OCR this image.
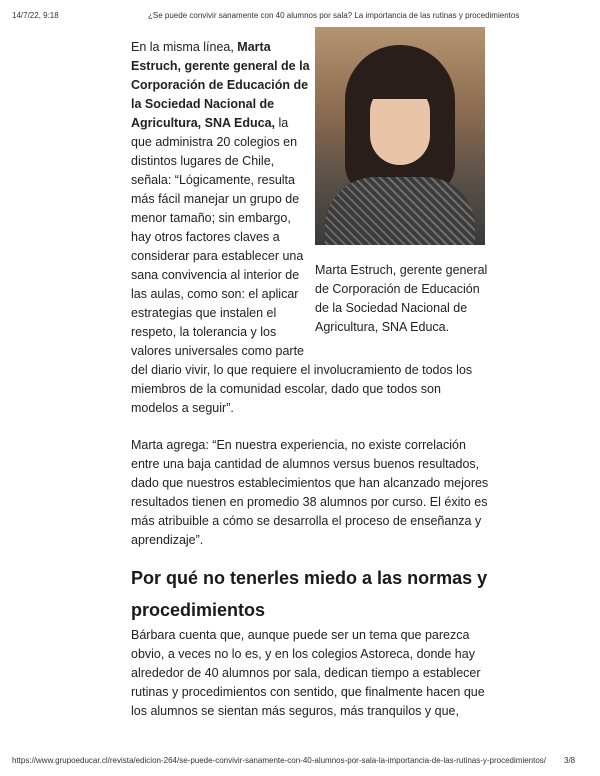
14/7/22, 9:18	¿Se puede convivir sanamente con 40 alumnos por sala? La importancia de las rutinas y procedimientos

En la misma línea, Marta Estruch, gerente general de la Corporación de Educación de la Sociedad Nacional de Agricultura, SNA Educa, la que administra 20 colegios en distintos lugares de Chile, señala: “Lógicamente, resulta más fácil manejar un grupo de menor tamaño; sin embargo, hay otros factores claves a considerar para establecer una sana convivencia al interior de las aulas, como son: el aplicar estrategias que instalen el respeto, la tolerancia y los valores universales como parte

Marta Estruch, gerente general de Corporación de Educación de la Sociedad Nacional de Agricultura, SNA Educa.

del diario vivir, lo que requiere el involucramiento de todos los miembros de la comunidad escolar, dado que todos son modelos a seguir”.

Marta agrega: “En nuestra experiencia, no existe correlación entre una baja cantidad de alumnos versus buenos resultados, dado que nuestros establecimientos que han alcanzado mejores resultados tienen en promedio 38 alumnos por curso. El éxito es más atribuible a cómo se desarrolla el proceso de enseñanza y aprendizaje”.

Por qué no tenerles miedo a las normas y procedimientos

Bárbara cuenta que, aunque puede ser un tema que parezca obvio, a veces no lo es, y en los colegios Astoreca, donde hay alrededor de 40 alumnos por sala, dedican tiempo a establecer rutinas y procedimientos con sentido, que finalmente hacen que los alumnos se sientan más seguros, más tranquilos y que,

https://www.grupoeducar.cl/revista/edicion-264/se-puede-convivir-sanamente-con-40-alumnos-por-sala-la-importancia-de-las-rutinas-y-procedimientos/ 3/8
